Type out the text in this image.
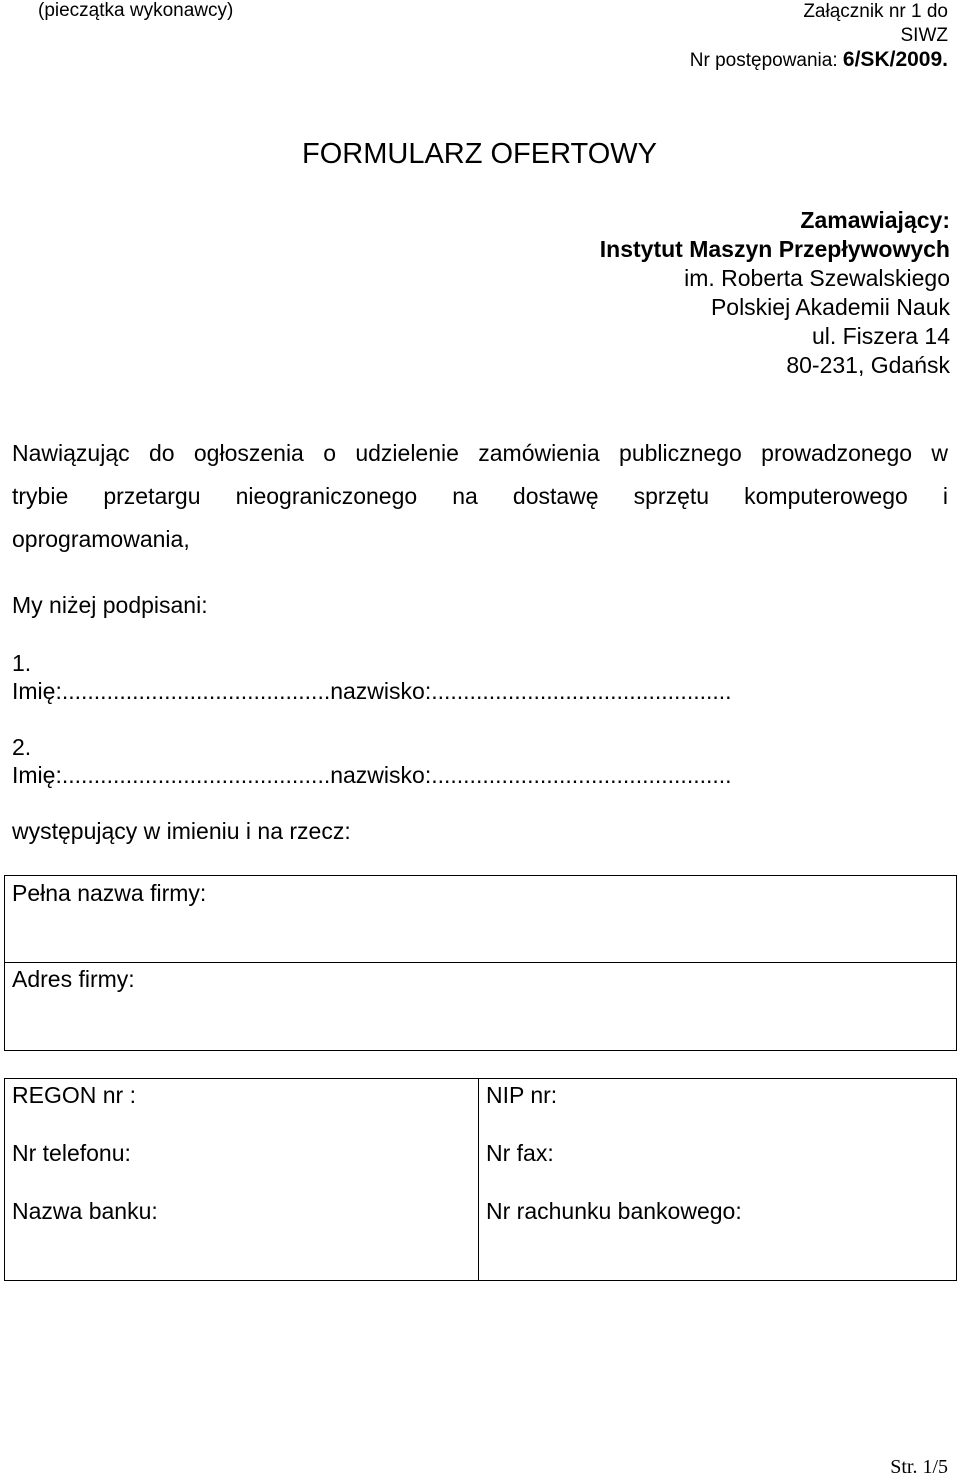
(pieczątka wykonawcy)	Załącznik nr 1 do
SIWZ
Nr postępowania: 6/SK/2009.
FORMULARZ OFERTOWY
Zamawiający:
Instytut Maszyn Przepływowych
im. Roberta Szewalskiego
Polskiej Akademii Nauk
ul. Fiszera 14
80-231, Gdańsk

Nawiązując do ogłoszenia o udzielenie zamówienia publicznego prowadzonego w

trybie przetargu nieograniczonego na dostawę sprzętu komputerowego i

oprogramowania,

My niżej podpisani:
1.
Imię:..........................................nazwisko:...............................................
2.
Imię:..........................................nazwisko:...............................................
występujący w imieniu i na rzecz:
Pełna nazwa firmy:
Adres firmy:
REGON nr :	NIP nr:
Nr telefonu:	Nr fax:
Nazwa banku:	Nr rachunku bankowego:
Str. 1/5
